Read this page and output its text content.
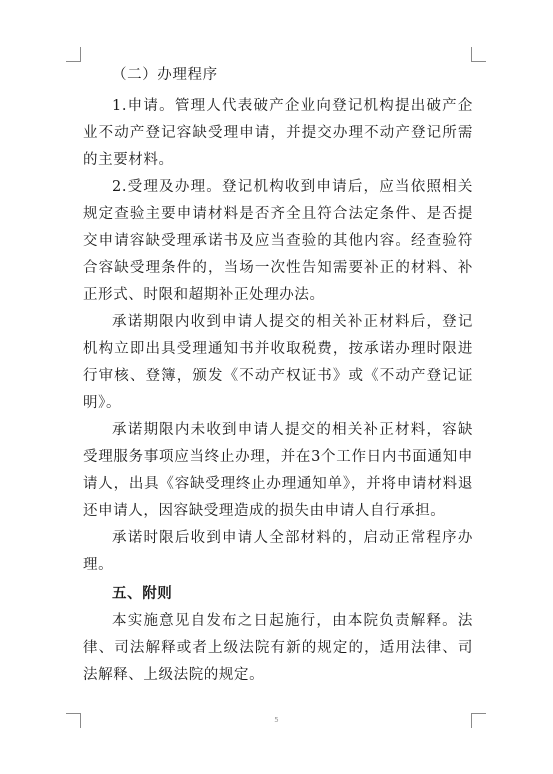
（二）办理程序

1.申请。管理人代表破产企业向登记机构提出破产企业不动产登记容缺受理申请，并提交办理不动产登记所需的主要材料。

2.受理及办理。登记机构收到申请后，应当依照相关规定查验主要申请材料是否齐全且符合法定条件、是否提交申请容缺受理承诺书及应当查验的其他内容。经查验符合容缺受理条件的，当场一次性告知需要补正的材料、补正形式、时限和超期补正处理办法。

承诺期限内收到申请人提交的相关补正材料后，登记机构立即出具受理通知书并收取税费，按承诺办理时限进行审核、登簿，颁发《不动产权证书》或《不动产登记证明》。

承诺期限内未收到申请人提交的相关补正材料，容缺受理服务事项应当终止办理，并在3个工作日内书面通知申请人，出具《容缺受理终止办理通知单》，并将申请材料退还申请人，因容缺受理造成的损失由申请人自行承担。

承诺时限后收到申请人全部材料的，启动正常程序办理。

五、附则

本实施意见自发布之日起施行，由本院负责解释。法律、司法解释或者上级法院有新的规定的，适用法律、司法解释、上级法院的规定。

5
